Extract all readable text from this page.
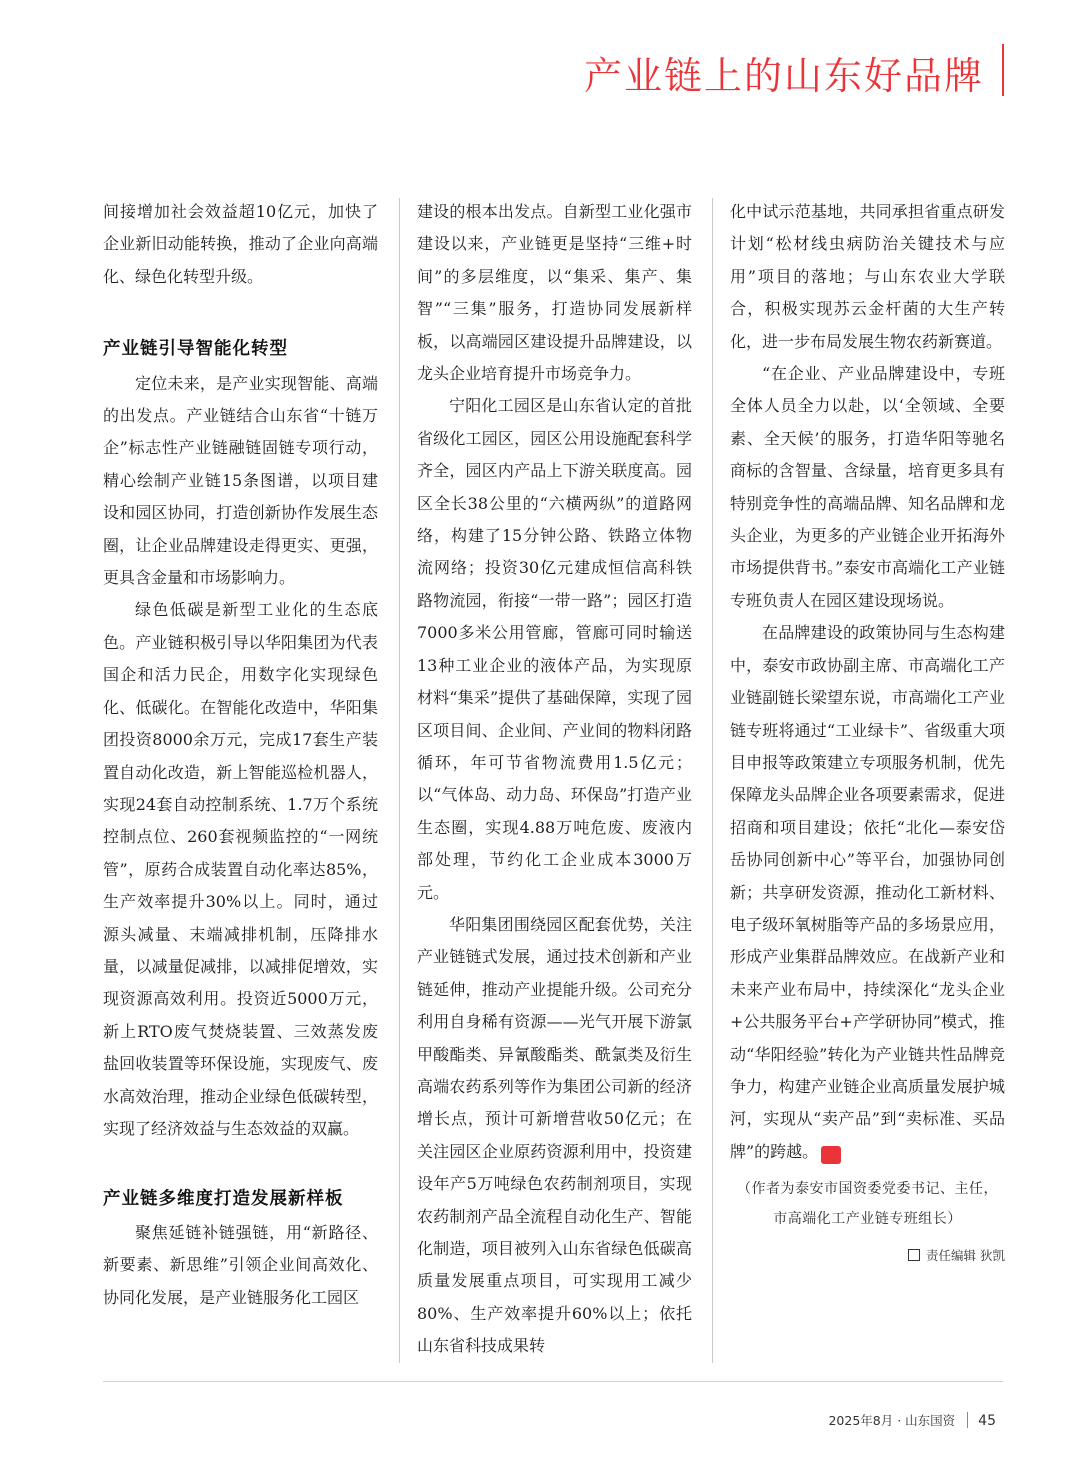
产业链上的山东好品牌

间接增加社会效益超10亿元，加快了企业新旧动能转换，推动了企业向高端化、绿色化转型升级。

产业链引导智能化转型

定位未来，是产业实现智能、高端的出发点。产业链结合山东省“十链万企”标志性产业链融链固链专项行动，精心绘制产业链15条图谱，以项目建设和园区协同，打造创新协作发展生态圈，让企业品牌建设走得更实、更强，更具含金量和市场影响力。

绿色低碳是新型工业化的生态底色。产业链积极引导以华阳集团为代表国企和活力民企，用数字化实现绿色化、低碳化。在智能化改造中，华阳集团投资8000余万元，完成17套生产装置自动化改造，新上智能巡检机器人，实现24套自动控制系统、1.7万个系统控制点位、260套视频监控的“一网统管”，原药合成装置自动化率达85%，生产效率提升30%以上。同时，通过源头减量、末端减排机制，压降排水量，以减量促减排，以减排促增效，实现资源高效利用。投资近5000万元，新上RTO废气焚烧装置、三效蒸发废盐回收装置等环保设施，实现废气、废水高效治理，推动企业绿色低碳转型，实现了经济效益与生态效益的双赢。

产业链多维度打造发展新样板

聚焦延链补链强链，用“新路径、新要素、新思维”引领企业间高效化、协同化发展，是产业链服务化工园区

建设的根本出发点。自新型工业化强市建设以来，产业链更是坚持“三维+时间”的多层维度，以“集采、集产、集智”“三集”服务，打造协同发展新样板，以高端园区建设提升品牌建设，以龙头企业培育提升市场竞争力。

宁阳化工园区是山东省认定的首批省级化工园区，园区公用设施配套科学齐全，园区内产品上下游关联度高。园区全长38公里的“六横两纵”的道路网络，构建了15分钟公路、铁路立体物流网络；投资30亿元建成恒信高科铁路物流园，衔接“一带一路”；园区打造7000多米公用管廊，管廊可同时输送13种工业企业的液体产品，为实现原材料“集采”提供了基础保障，实现了园区项目间、企业间、产业间的物料闭路循环，年可节省物流费用1.5亿元；以“气体岛、动力岛、环保岛”打造产业生态圈，实现4.88万吨危废、废液内部处理，节约化工企业成本3000万元。

华阳集团围绕园区配套优势，关注产业链链式发展，通过技术创新和产业链延伸，推动产业提能升级。公司充分利用自身稀有资源——光气开展下游氯甲酸酯类、异氰酸酯类、酰氯类及衍生高端农药系列等作为集团公司新的经济增长点，预计可新增营收50亿元；在关注园区企业原药资源利用中，投资建设年产5万吨绿色农药制剂项目，实现农药制剂产品全流程自动化生产、智能化制造，项目被列入山东省绿色低碳高质量发展重点项目，可实现用工减少80%、生产效率提升60%以上；依托山东省科技成果转

化中试示范基地，共同承担省重点研发计划“松材线虫病防治关键技术与应用”项目的落地；与山东农业大学联合，积极实现苏云金杆菌的大生产转化，进一步布局发展生物农药新赛道。

“在企业、产业品牌建设中，专班全体人员全力以赴，以‘全领域、全要素、全天候’的服务，打造华阳等驰名商标的含智量、含绿量，培育更多具有特别竞争性的高端品牌、知名品牌和龙头企业，为更多的产业链企业开拓海外市场提供背书。”泰安市高端化工产业链专班负责人在园区建设现场说。

在品牌建设的政策协同与生态构建中，泰安市政协副主席、市高端化工产业链副链长梁望东说，市高端化工产业链专班将通过“工业绿卡”、省级重大项目申报等政策建立专项服务机制，优先保障龙头品牌企业各项要素需求，促进招商和项目建设；依托“北化—泰安岱岳协同创新中心”等平台，加强协同创新；共享研发资源，推动化工新材料、电子级环氧树脂等产品的多场景应用，形成产业集群品牌效应。在战新产业和未来产业布局中，持续深化“龙头企业+公共服务平台+产学研协同”模式，推动“华阳经验”转化为产业链共性品牌竞争力，构建产业链企业高质量发展护城河，实现从“卖产品”到“卖标准、买品牌”的跨越。	Z

（作者为泰安市国资委党委书记、主任，市高端化工产业链专班组长）

责任编辑 狄凯

2025年8月 · 山东国资 45
